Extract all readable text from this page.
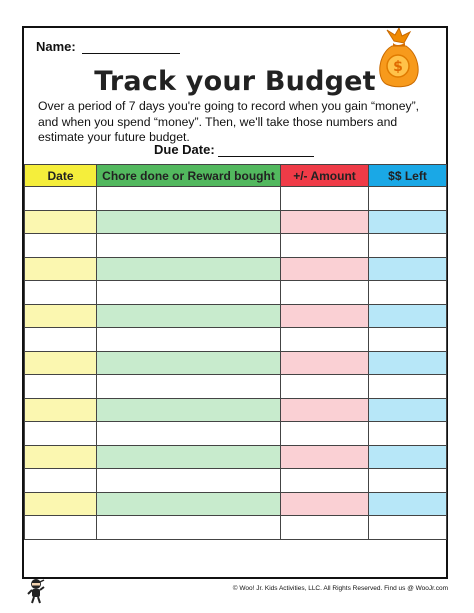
Name:
Track your Budget	$
Over a period of 7 days you're going to record when you gain “money”, and when you spend “money”. Then, we'll take those numbers and estimate your future budget.
Due Date:
Date	Chore done or Reward bought	+/- Amount	$$ Left

© Woo! Jr. Kids Activities, LLC. All Rights Reserved. Find us @ WooJr.com
